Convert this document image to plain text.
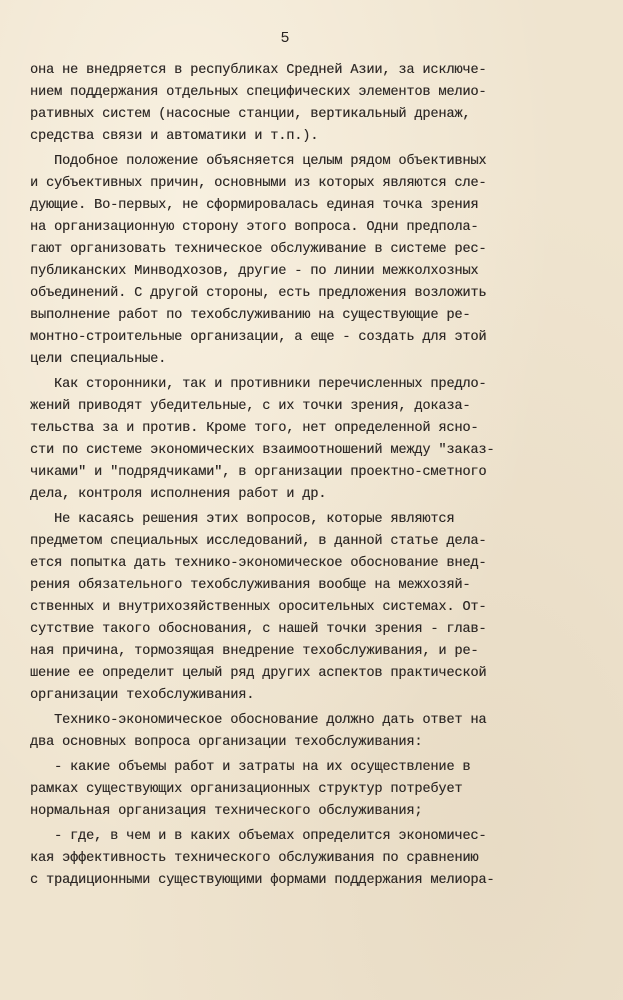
5
она не внедряется в республиках Средней Азии, за исключе-
нием поддержания отдельных специфических элементов мелио-
ративных систем (насосные станции, вертикальный дренаж,
средства связи и автоматики и т.п.).
Подобное положение объясняется целым рядом объективных
и субъективных причин, основными из которых являются сле-
дующие. Во-первых, не сформировалась единая точка зрения
на организационную сторону этого вопроса. Одни предпола-
гают организовать техническое обслуживание в системе рес-
публиканских Минводхозов, другие - по линии межколхозных
объединений. С другой стороны, есть предложения возложить
выполнение работ по техобслуживанию на существующие ре-
монтно-строительные организации, а еще - создать для этой
цели специальные.
Как сторонники, так и противники перечисленных предло-
жений приводят убедительные, с их точки зрения, доказа-
тельства за и против. Кроме того, нет определенной ясно-
сти по системе экономических взаимоотношений между "заказ-
чиками" и "подрядчиками", в организации проектно-сметного
дела, контроля исполнения работ и др.
Не касаясь решения этих вопросов, которые являются
предметом специальных исследований, в данной статье дела-
ется попытка дать технико-экономическое обоснование внед-
рения обязательного техобслуживания вообще на межхозяй-
ственных и внутрихозяйственных оросительных системах. От-
сутствие такого обоснования, с нашей точки зрения - глав-
ная причина, тормозящая внедрение техобслуживания, и ре-
шение ее определит целый ряд других аспектов практической
организации техобслуживания.
Технико-экономическое обоснование должно дать ответ на
два основных вопроса организации техобслуживания:
- какие объемы работ и затраты на их осуществление в
рамках существующих организационных структур потребует
нормальная организация технического обслуживания;
- где, в чем и в каких объемах определится экономичес-
кая эффективность технического обслуживания по сравнению
с традиционными существующими формами поддержания мелиора-
